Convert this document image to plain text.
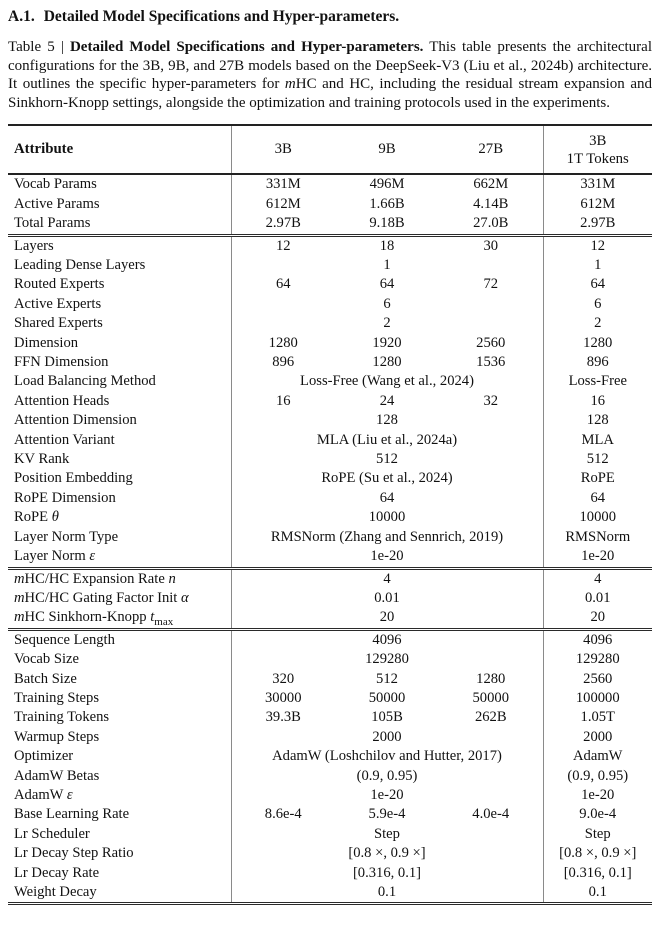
A.1. Detailed Model Specifications and Hyper-parameters.

Table 5 | Detailed Model Specifications and Hyper-parameters. This table presents the architectural configurations for the 3B, 9B, and 27B models based on the DeepSeek-V3 (Liu et al., 2024b) architecture. It outlines the specific hyper-parameters for mHC and HC, including the residual stream expansion and Sinkhorn-Knopp settings, alongside the optimization and training protocols used in the experiments.

Attribute	3B	9B	27B	3B
1T Tokens

Vocab Params	331M	496M	662M	331M
Active Params	612M	1.66B	4.14B	612M
Total Params	2.97B	9.18B	27.0B	2.97B
Layers	12	18	30	12
Leading Dense Layers	1			1
Routed Experts	64	64	72	64
Active Experts	6			6
Shared Experts	2			2
Dimension	1280	1920	2560	1280
FFN Dimension	896	1280	1536	896
Load Balancing Method	Loss-Free (Wang et al., 2024)			Loss-Free
Attention Heads	16	24	32	16
Attention Dimension	128			128
Attention Variant	MLA (Liu et al., 2024a)			MLA
KV Rank	512			512
Position Embedding	RoPE (Su et al., 2024)			RoPE
RoPE Dimension	64			64
RoPE θ	10000			10000
Layer Norm Type	RMSNorm (Zhang and Sennrich, 2019)			RMSNorm
Layer Norm ε	1e-20			1e-20
mHC/HC Expansion Rate n	4			4
mHC/HC Gating Factor Init α	0.01			0.01
mHC Sinkhorn-Knopp $t_{max}$	20			20
Sequence Length	4096			4096
Vocab Size	129280			129280
Batch Size	320	512	1280	2560
Training Steps	30000	50000	50000	100000
Training Tokens	39.3B	105B	262B	1.05T
Warmup Steps	2000			2000
Optimizer	AdamW (Loshchilov and Hutter, 2017)			AdamW
AdamW Betas	(0.9, 0.95)			(0.9, 0.95)
AdamW ε	1e-20			1e-20
Base Learning Rate	8.6e-4	5.9e-4	4.0e-4	9.0e-4
Lr Scheduler	Step			Step
Lr Decay Step Ratio	[0.8 ×, 0.9 ×]			[0.8 ×, 0.9 ×]
Lr Decay Rate	[0.316, 0.1]			[0.316, 0.1]
Weight Decay	0.1			0.1
